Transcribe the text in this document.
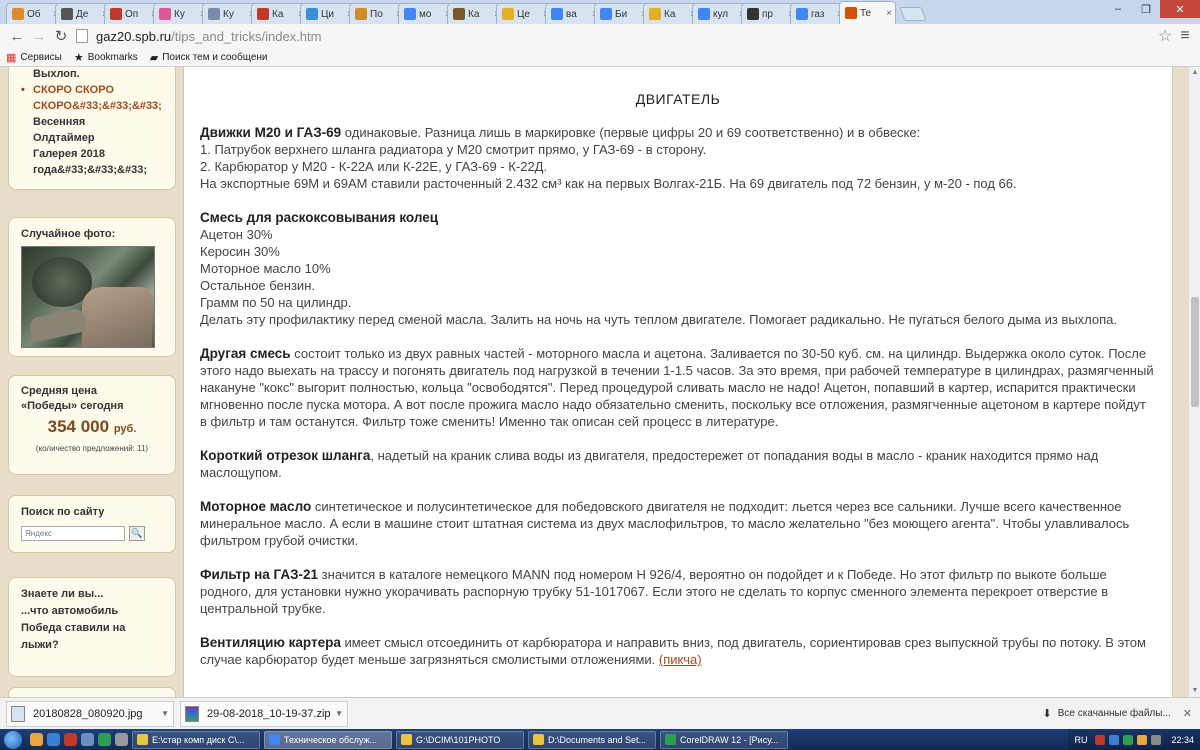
Об	Де	Оп	Ку	Ку	Ка	Ци	По	мо	Ка	Це	ва	Би	Ка	кул	пр	газ	Те	×	–	❐	✕
← → ↻	gaz20.spb.ru /tips_and_tricks/index.htm	☆ ≡
▦ Сервисы ★ Bookmarks ▰ Поиск тем и сообщени
Выхлоп.
• СКОРО СКОРО
СКОРО&#33;&#33;&#33;
Весенняя
Олдтаймер
Галерея 2018
года&#33;&#33;&#33;
Случайное фото:
Средняя цена
«Победы» сегодня
354 000 руб.
(количество предложений: 11)
Поиск по сайту
Яндекс
🔍
Знаете ли вы...
...что автомобиль
Победа ставили на
лыжи?
ДВИГАТЕЛЬ
Движки М20 и ГАЗ-69 одинаковые. Разница лишь в маркировке (первые цифры 20 и 69 соответственно) и в обвеске:
1. Патрубок верхнего шланга радиатора у М20 смотрит прямо, у ГАЗ-69 - в сторону.
2. Карбюратор у М20 - К-22А или К-22Е, у ГАЗ-69 - К-22Д.
На экспортные 69М и 69АМ ставили расточенный 2.432 см³ как на первых Волгах-21Б. На 69 двигатель под 72 бензин, у м-20 - под 66.
Смесь для раскоксовывания колец
Ацетон 30%
Керосин 30%
Моторное масло 10%
Остальное бензин.
Грамм по 50 на цилиндр.
Делать эту профилактику перед сменой масла. Залить на ночь на чуть теплом двигателе. Помогает радикально. Не пугаться белого дыма из выхлопа.
Другая смесь состоит только из двух равных частей - моторного масла и ацетона. Заливается по 30-50 куб. см. на цилиндр. Выдержка около суток. После этого надо выехать на трассу и погонять двигатель под нагрузкой в течении 1-1.5 часов. За это время, при рабочей температуре в цилиндрах, размягченный накануне "кокс" выгорит полностью, кольца "освободятся". Перед процедурой сливать масло не надо! Ацетон, попавший в картер, испарится практически мгновенно после пуска мотора. А вот после прожига масло надо обязательно сменить, поскольку все отложения, размягченные ацетоном в картере пойдут в фильтр и там останутся. Фильтр тоже сменить! Именно так описан сей процесс в литературе.
Короткий отрезок шланга, надетый на краник слива воды из двигателя, предостережет от попадания воды в масло - краник находится прямо над маслощупом.
Моторное масло синтетическое и полусинтетическое для победовского двигателя не подходит: льется через все сальники. Лучше всего качественное минеральное масло. А если в машине стоит штатная система из двух маслофильтров, то масло желательно "без моющего агента". Чтобы улавливалось фильтром грубой очистки.
Фильтр на ГАЗ-21 значится в каталоге немецкого MANN под номером H 926/4, вероятно он подойдет и к Победе. Но этот фильтр по выкоте больше родного, для установки нужно укорачивать распорную трубку 51-1017067. Если этого не сделать то корпус сменного элемента перекроет отверстие в центральной трубке.
Вентиляцию картера имеет смысл отсоединить от карбюратора и направить вниз, под двигатель, сориентировав срез выпускной трубы по потоку. В этом случае карбюратор будет меньше загрязняться смолистыми отложениями. (пикча)
▲
▼
20180828_080920.jpg	▼	29-08-2018_10-19-37.zip ▼	⬇ Все скачанные файлы... ✕
E:\стар комп диск С\...	Техническое обслуж...	G:\DCIM\101PHOTO	D:\Documents and Set...	CorelDRAW 12 - [Рису...	RU	22:34
